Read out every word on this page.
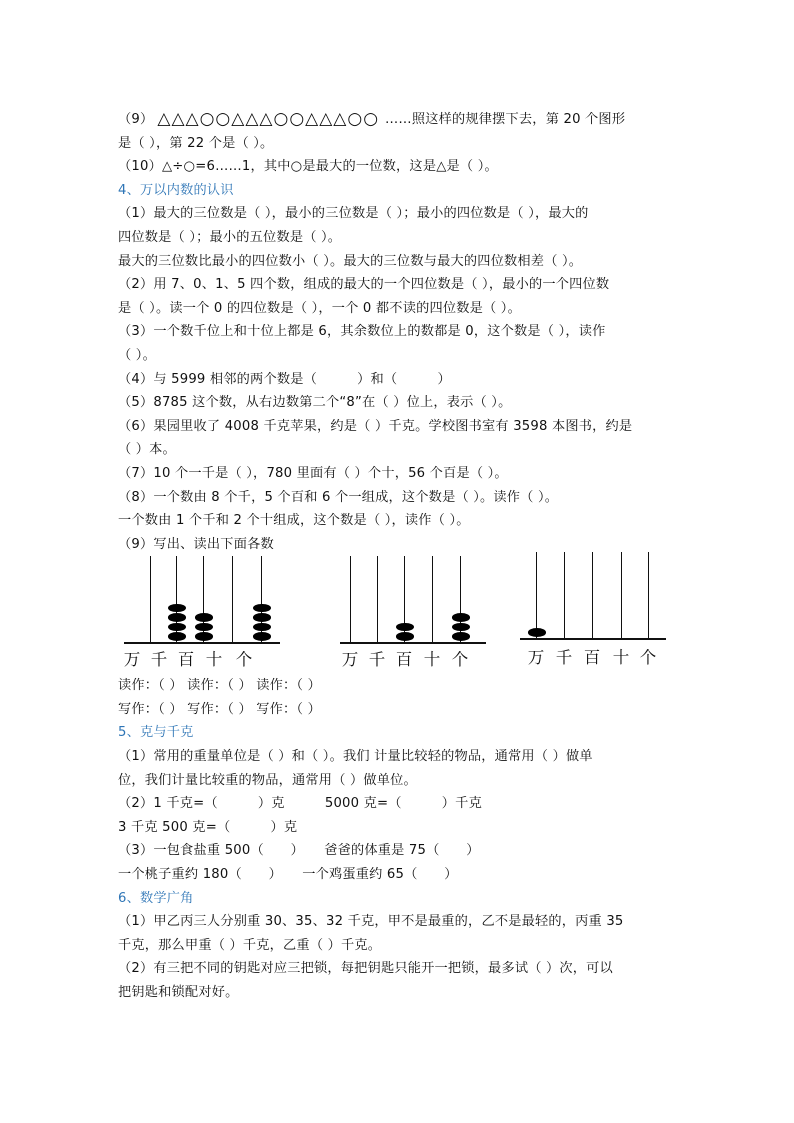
（9） △△△○○△△△○○△△△○○ ……照这样的规律摆下去，第 20 个图形
是（ ），第 22 个是（ ）。
（10）△÷○=6……1，其中○是最大的一位数，这是△是（ ）。
4、万以内数的认识
（1）最大的三位数是（ ），最小的三位数是（ ）；最小的四位数是（ ），最大的
四位数是（ ）；最小的五位数是（ ）。
最大的三位数比最小的四位数小（ ）。最大的三位数与最大的四位数相差（ ）。
（2）用 7、0、1、5 四个数，组成的最大的一个四位数是（ ），最小的一个四位数
是（ ）。读一个 0 的四位数是（ ），一个 0 都不读的四位数是（ ）。
（3）一个数千位上和十位上都是 6，其余数位上的数都是 0，这个数是（ ），读作
（ ）。
（4）与 5999 相邻的两个数是（　　　）和（　　　）
（5）8785 这个数，从右边数第二个“8”在（ ）位上，表示（ ）。
（6）果园里收了 4008 千克苹果，约是（ ）千克。学校图书室有 3598 本图书，约是
（ ）本。
（7）10 个一千是（ ），780 里面有（ ）个十，56 个百是（ ）。
（8）一个数由 8 个千，5 个百和 6 个一组成，这个数是（ ）。读作（ ）。
一个数由 1 个千和 2 个十组成，这个数是（ ），读作（ ）。
（9）写出、读出下面各数
万 千 百 十 个	万 千 百 十 个	万 千 百 十 个
读作：（ ） 读作：（ ） 读作：（ ）
写作：（ ） 写作：（ ） 写作：（ ）
5、克与千克
（1）常用的重量单位是（ ）和（ ）。我们 计量比较轻的物品，通常用（ ）做单
位，我们计量比较重的物品，通常用（ ）做单位。
（2）1 千克=（　　　）克　　　5000 克=（　　　）千克
3 千克 500 克=（　　　）克
（3）一包食盐重 500（　　）　　爸爸的体重是 75（　　）
一个桃子重约 180（　　）　　一个鸡蛋重约 65（　　）
6、数学广角
（1）甲乙丙三人分别重 30、35、32 千克，甲不是最重的，乙不是最轻的，丙重 35
千克，那么甲重（ ）千克，乙重（ ）千克。
（2）有三把不同的钥匙对应三把锁，每把钥匙只能开一把锁，最多试（ ）次，可以
把钥匙和锁配对好。
